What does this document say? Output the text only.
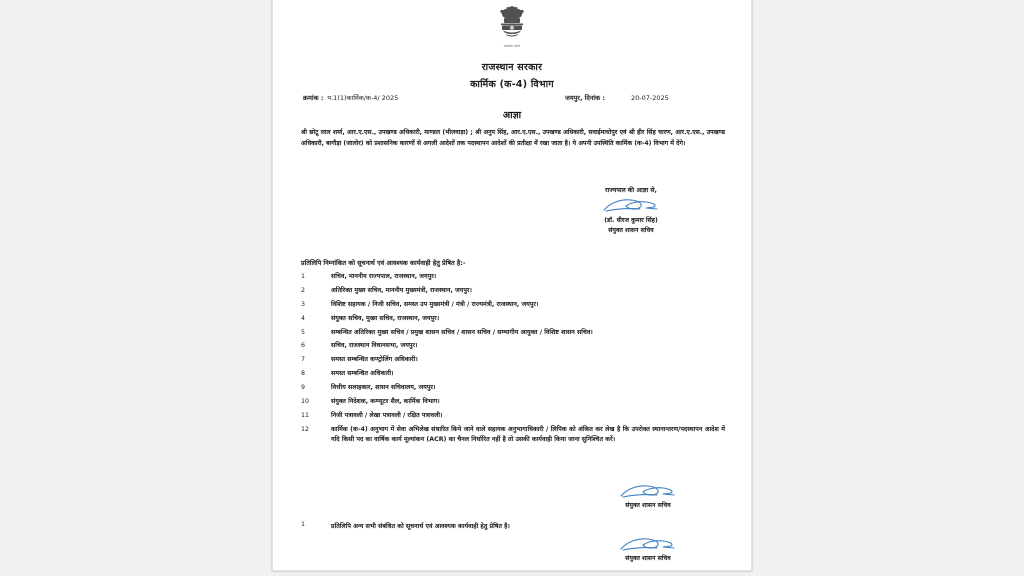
सत्यमेव जयते
राजस्थान सरकार
कार्मिक (क-4) विभाग
क्रमांक : प.1(1)कार्मिक/क-4/ 2025	जयपुर, दिनांक :	20-07-2025
आज्ञा
श्री छोटू लाल शर्मा, आर.ए.एस., उपखण्ड अधिकारी, माण्डल (भीलवाड़ा) ; श्री अनुप सिंह, आर.ए.एस., उपखण्ड अधिकारी, सवाईमाधोपुर एवं श्री हीर सिंह चारण, आर.ए.एस., उपखण्ड अधिकारी, बागौड़ा (जालोर) को प्रशासनिक कारणों से अगली आदेशों तक पदस्थापन आदेशों की प्रतीक्षा में रखा जाता है। ये अपनी उपस्थिति कार्मिक (क-4) विभाग में देंगे।
राज्यपाल की आज्ञा से,
(डॉ. धीरज कुमार सिंह)
संयुक्त शासन सचिव
प्रतिलिपि निम्नांकित को सूचनार्थ एवं आवश्यक कार्यवाही हेतु प्रेषित है:-
1	सचिव, माननीय राज्यपाल, राजस्थान, जयपुर।
2	अतिरिक्त मुख्य सचिव, माननीय मुख्यमंत्री, राजस्थान, जयपुर।
3	विशिष्ट सहायक / निजी सचिव, समस्त उप मुख्यमंत्री / मंत्री / राज्यमंत्री, राजस्थान, जयपुर।
4	संयुक्त सचिव, मुख्य सचिव, राजस्थान, जयपुर।
5	सम्बन्धित अतिरिक्त मुख्य सचिव / प्रमुख शासन सचिव / शासन सचिव / सम्भागीय आयुक्त / विशिष्ट शासन सचिव।
6	सचिव, राजस्थान विधानसभा, जयपुर।
7	समस्त सम्बन्धित कण्ट्रोलिंग अधिकारी।
8	समस्त सम्बन्धित अधिकारी।
9	वित्तीय सलाहकार, शासन सचिवालय, जयपुर।
10	संयुक्त निदेशक, कम्प्यूटर सैल, कार्मिक विभाग।
11	निजी पत्रावली / लेखा पत्रावली / रक्षित पत्रावली।
12	कार्मिक (क-4) अनुभाग में सेवा अभिलेख संधारित किये जाने वाले सहायक अनुभागाधिकारी / लिपिक को अंकित कर लेख है कि उपरोक्त स्थानान्तरण/पदस्थापन आदेश में यदि किसी पद का वार्षिक कार्य मूल्यांकन (ACR) का चैनल निर्धारित नहीं है तो उसकी कार्यवाही किया जाना सुनिश्चित करें।
संयुक्त शासन सचिव
1	प्रतिलिपि अन्य सभी संबंधित को सूचनार्थ एवं आवश्यक कार्यवाही हेतु प्रेषित है।
संयुक्त शासन सचिव
